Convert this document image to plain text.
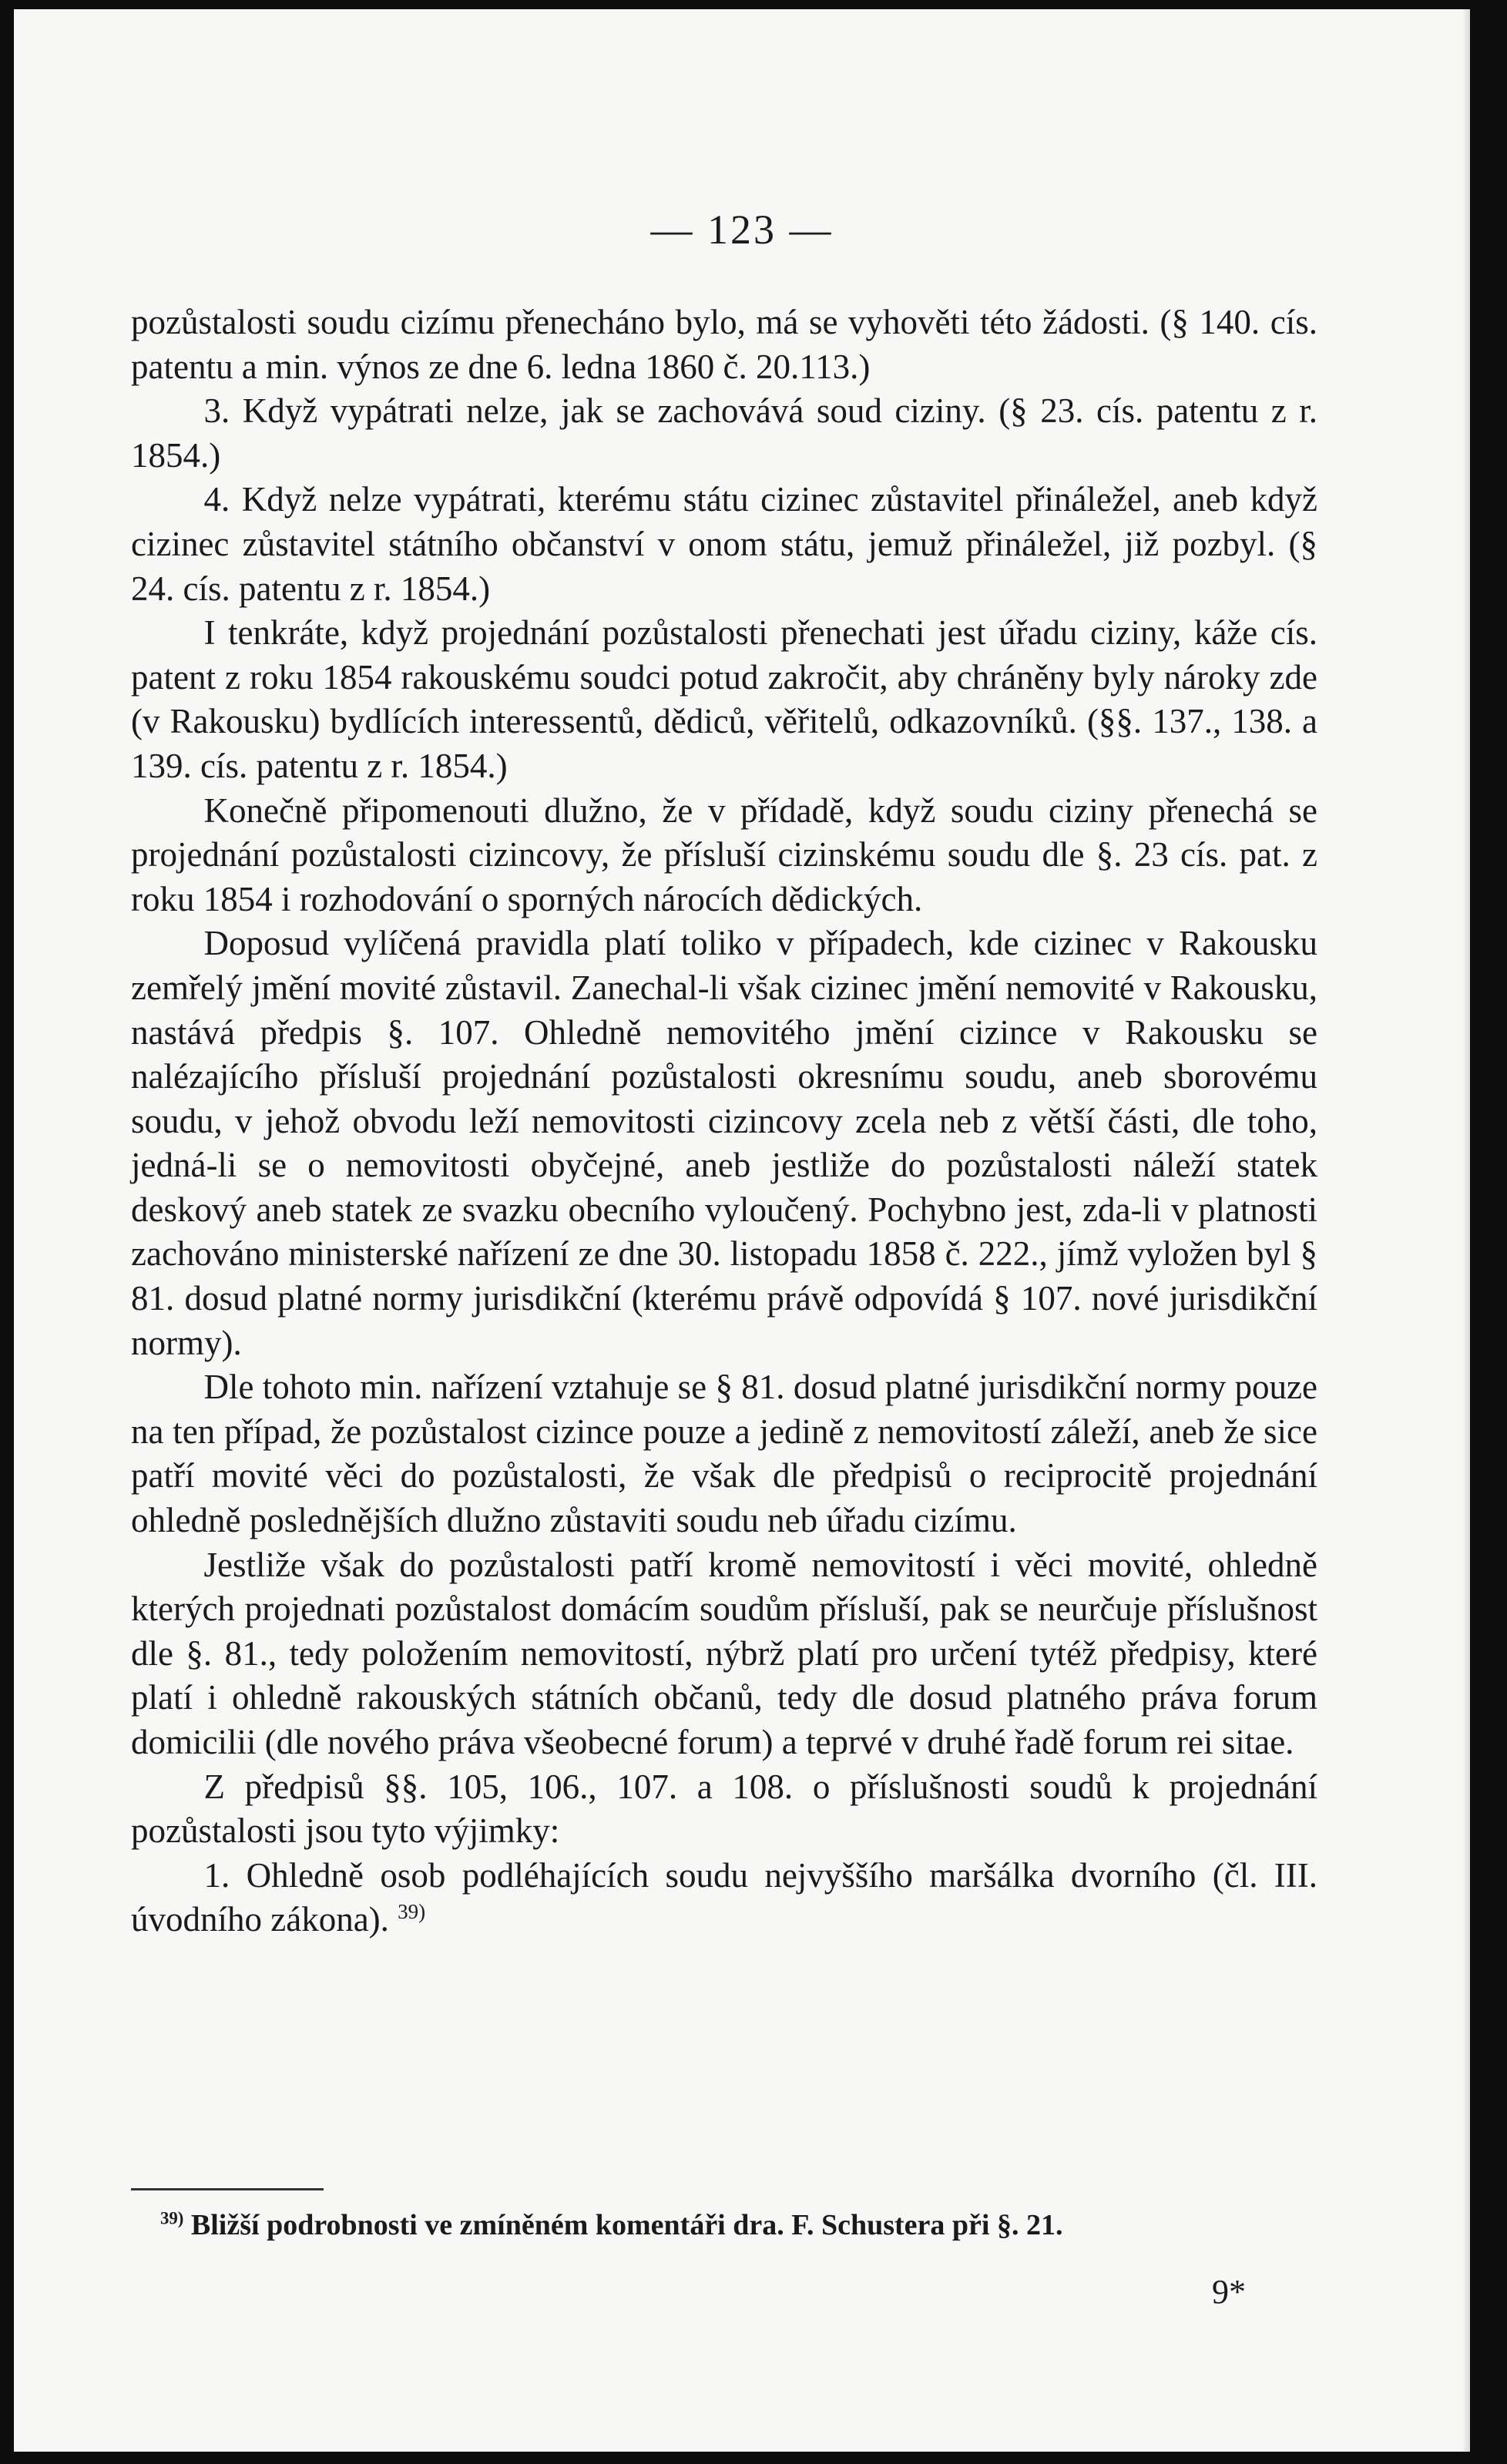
— 123 —

pozůstalosti soudu cizímu přenecháno bylo, má se vyhověti této žádosti. (§ 140. cís. patentu a min. výnos ze dne 6. ledna 1860 č. 20.113.)

3. Když vypátrati nelze, jak se zachovává soud ciziny. (§ 23. cís. patentu z r. 1854.)

4. Když nelze vypátrati, kterému státu cizinec zůstavitel přináležel, aneb když cizinec zůstavitel státního občanství v onom státu, jemuž přináležel, již pozbyl. (§ 24. cís. patentu z r. 1854.)

I tenkráte, když projednání pozůstalosti přenechati jest úřadu ciziny, káže cís. patent z roku 1854 rakouskému soudci potud zakročit, aby chráněny byly nároky zde (v Rakousku) bydlících interessentů, dědiců, věřitelů, odkazovníků. (§§. 137., 138. a 139. cís. patentu z r. 1854.)

Konečně připomenouti dlužno, že v přídadě, když soudu ciziny přenechá se projednání pozůstalosti cizincovy, že přísluší cizinskému soudu dle §. 23 cís. pat. z roku 1854 i rozhodování o sporných nárocích dědických.

Doposud vylíčená pravidla platí toliko v případech, kde cizinec v Rakousku zemřelý jmění movité zůstavil. Zanechal-li však cizinec jmění nemovité v Rakousku, nastává předpis §. 107. Ohledně nemovitého jmění cizince v Rakousku se nalézajícího přísluší projednání pozůstalosti okresnímu soudu, aneb sborovému soudu, v jehož obvodu leží nemovitosti cizincovy zcela neb z větší části, dle toho, jedná-li se o nemovitosti obyčejné, aneb jestliže do pozůstalosti náleží statek deskový aneb statek ze svazku obecního vyloučený. Pochybno jest, zda-li v platnosti zachováno ministerské nařízení ze dne 30. listopadu 1858 č. 222., jímž vyložen byl § 81. dosud platné normy jurisdikční (kterému právě odpovídá § 107. nové jurisdikční normy).

Dle tohoto min. nařízení vztahuje se § 81. dosud platné jurisdikční normy pouze na ten případ, že pozůstalost cizince pouze a jedině z nemovitostí záleží, aneb že sice patří movité věci do pozůstalosti, že však dle předpisů o reciprocitě projednání ohledně poslednějších dlužno zůstaviti soudu neb úřadu cizímu.

Jestliže však do pozůstalosti patří kromě nemovitostí i věci movité, ohledně kterých projednati pozůstalost domácím soudům přísluší, pak se neurčuje příslušnost dle §. 81., tedy položením nemovitostí, nýbrž platí pro určení tytéž předpisy, které platí i ohledně rakouských státních občanů, tedy dle dosud platného práva forum domicilii (dle nového práva všeobecné forum) a teprvé v druhé řadě forum rei sitae.

Z předpisů §§. 105, 106., 107. a 108. o příslušnosti soudů k projednání pozůstalosti jsou tyto výjimky:

1. Ohledně osob podléhajících soudu nejvyššího maršálka dvorního (čl. III. úvodního zákona). $^{39)}$

$^{39)}$ Bližší podrobnosti ve zmíněném komentáři dra. F. Schustera při §. 21.
9*
